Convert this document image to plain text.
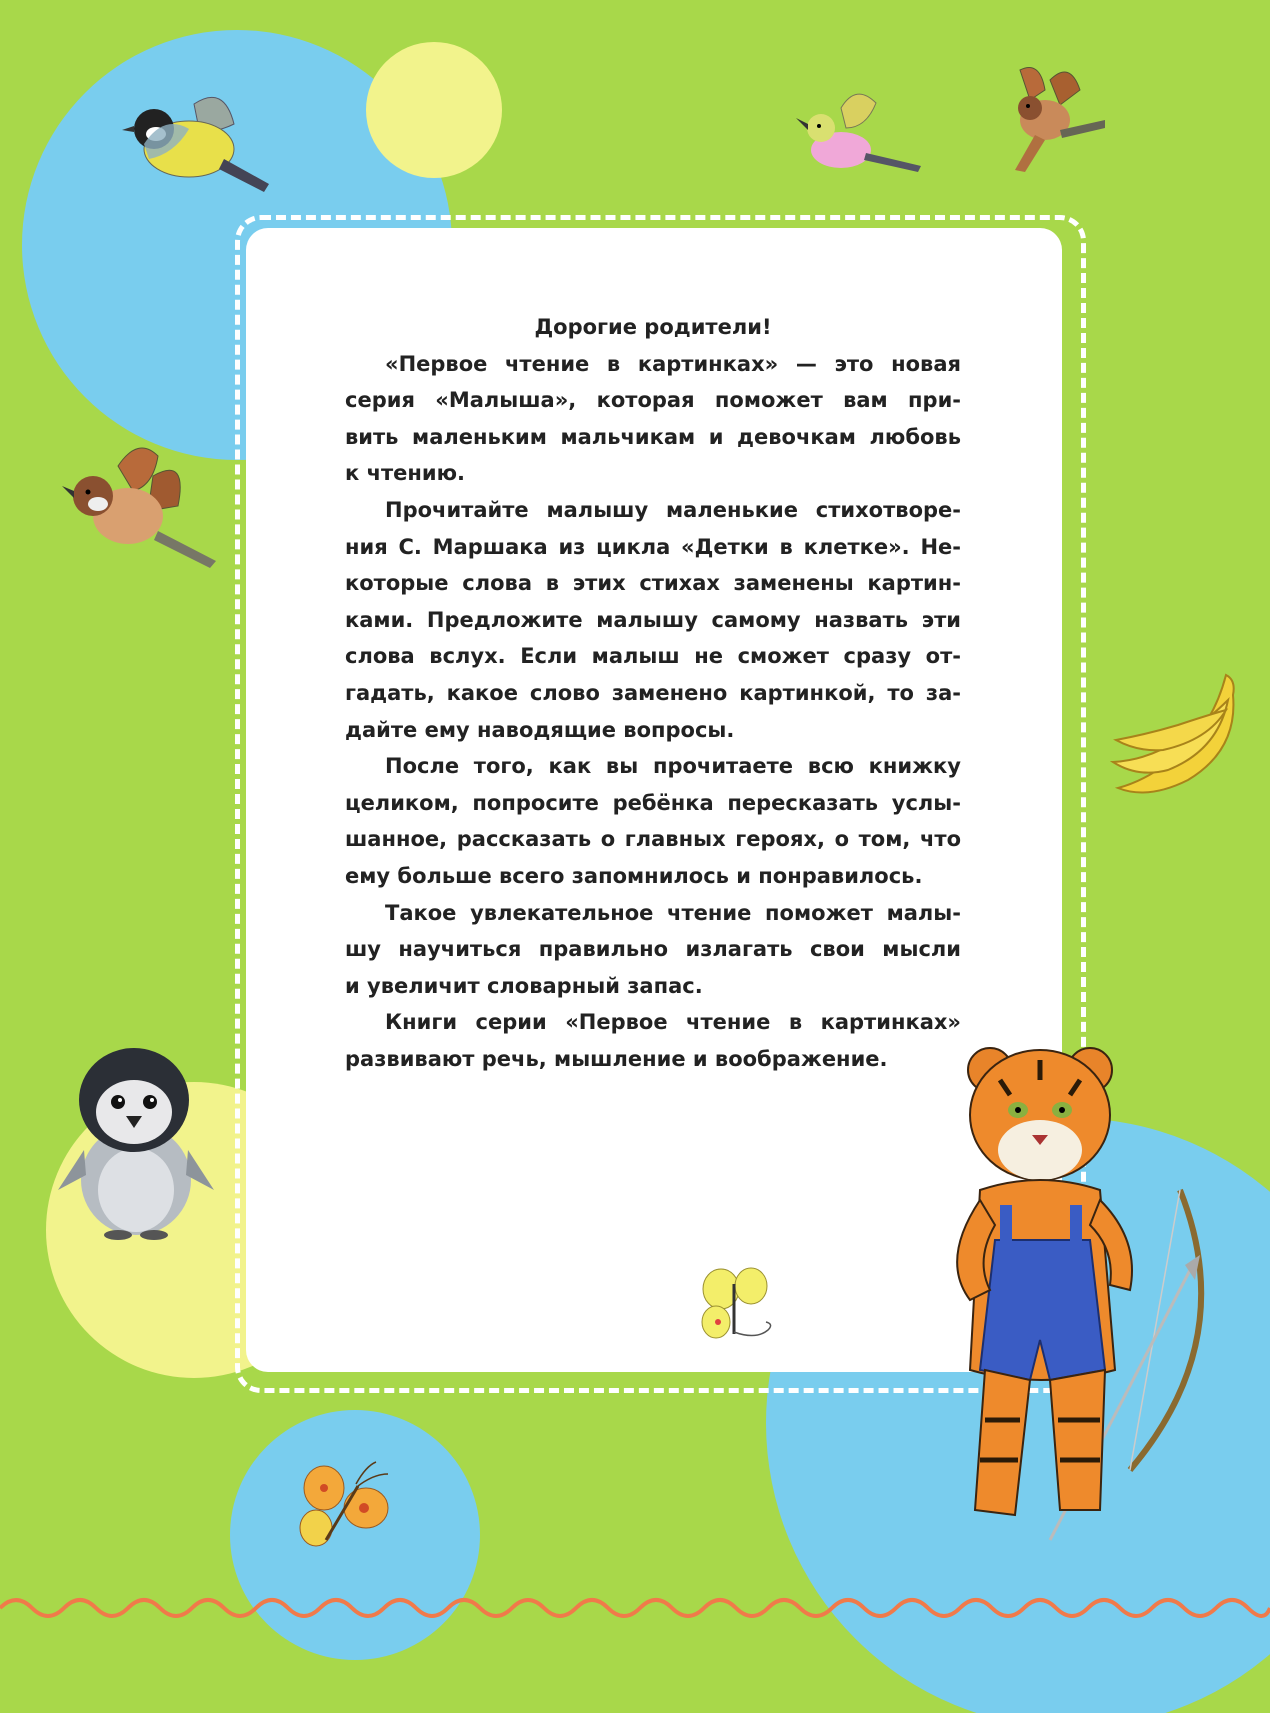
Дорогие родители!
«Первое чтение в картинках» — это новая
серия «Малыша», которая поможет вам при-
вить маленьким мальчикам и девочкам любовь
к чтению.
Прочитайте малышу маленькие стихотворе-
ния С. Маршака из цикла «Детки в клетке». Не-
которые слова в этих стихах заменены картин-
ками. Предложите малышу самому назвать эти
слова вслух. Если малыш не сможет сразу от-
гадать, какое слово заменено картинкой, то за-
дайте ему наводящие вопросы.
После того, как вы прочитаете всю книжку
целиком, попросите ребёнка пересказать услы-
шанное, рассказать о главных героях, о том, что
ему больше всего запомнилось и понравилось.
Такое увлекательное чтение поможет малы-
шу научиться правильно излагать свои мысли
и увеличит словарный запас.
Книги серии «Первое чтение в картинках»
развивают речь, мышление и воображение.
